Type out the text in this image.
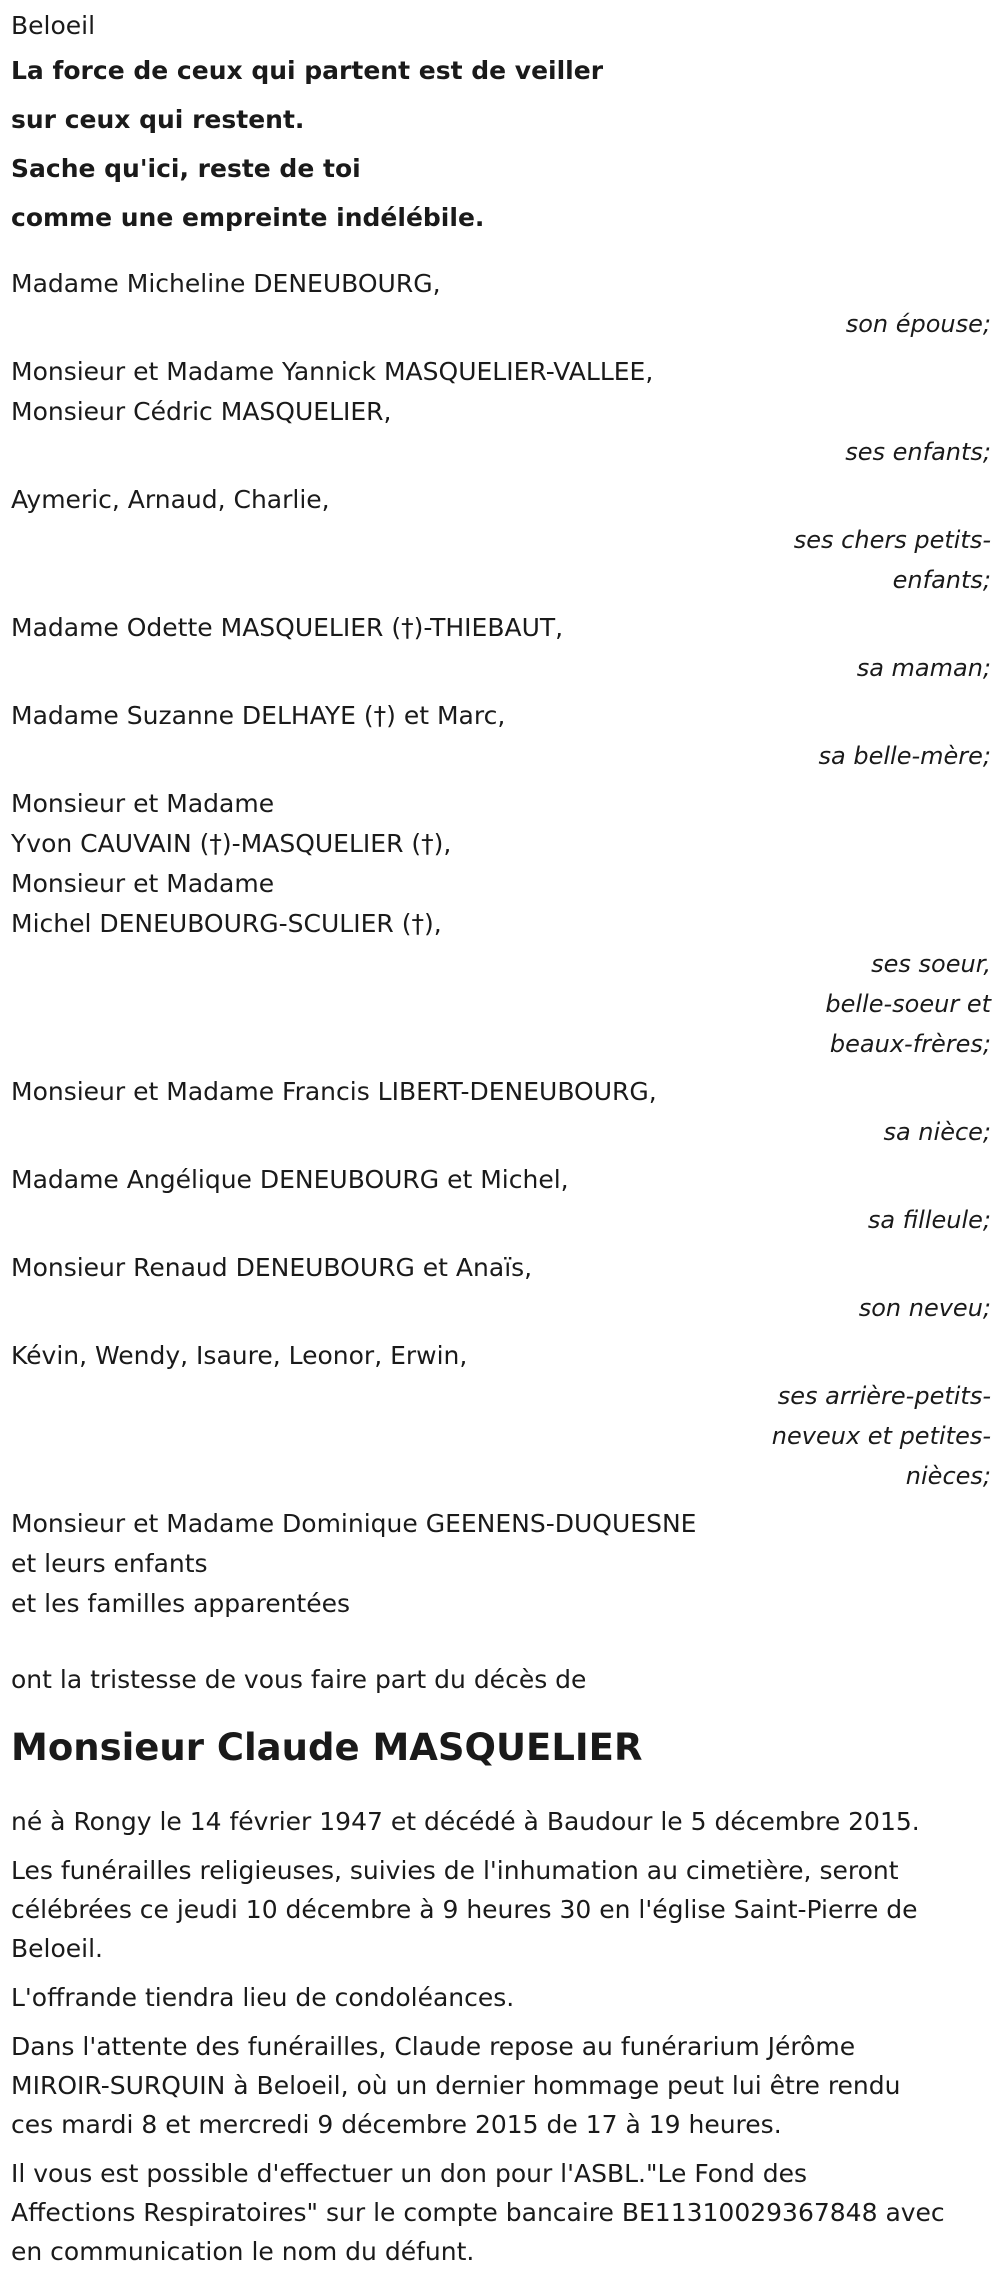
Beloeil
La force de ceux qui partent est de veiller
sur ceux qui restent.
Sache qu'ici, reste de toi
comme une empreinte indélébile.
Madame Micheline DENEUBOURG,
son épouse;
Monsieur et Madame Yannick MASQUELIER-VALLEE,
Monsieur Cédric MASQUELIER,
ses enfants;
Aymeric, Arnaud, Charlie,
ses chers petits-
enfants;
Madame Odette MASQUELIER (†)-THIEBAUT,
sa maman;
Madame Suzanne DELHAYE (†) et Marc,
sa belle-mère;
Monsieur et Madame
Yvon CAUVAIN (†)-MASQUELIER (†),
Monsieur et Madame
Michel DENEUBOURG-SCULIER (†),
ses soeur,
belle-soeur et
beaux-frères;
Monsieur et Madame Francis LIBERT-DENEUBOURG,
sa nièce;
Madame Angélique DENEUBOURG et Michel,
sa filleule;
Monsieur Renaud DENEUBOURG et Anaïs,
son neveu;
Kévin, Wendy, Isaure, Leonor, Erwin,
ses arrière-petits-
neveux et petites-
nièces;
Monsieur et Madame Dominique GEENENS-DUQUESNE
et leurs enfants
et les familles apparentées
ont la tristesse de vous faire part du décès de
Monsieur Claude MASQUELIER
né à Rongy le 14 février 1947 et décédé à Baudour le 5 décembre 2015.
Les funérailles religieuses, suivies de l'inhumation au cimetière, seront
célébrées ce jeudi 10 décembre à 9 heures 30 en l'église Saint-Pierre de
Beloeil.
L'offrande tiendra lieu de condoléances.
Dans l'attente des funérailles, Claude repose au funérarium Jérôme
MIROIR-SURQUIN à Beloeil, où un dernier hommage peut lui être rendu
ces mardi 8 et mercredi 9 décembre 2015 de 17 à 19 heures.
Il vous est possible d'effectuer un don pour l'ASBL."Le Fond des
Affections Respiratoires" sur le compte bancaire BE11310029367848 avec
en communication le nom du défunt.
